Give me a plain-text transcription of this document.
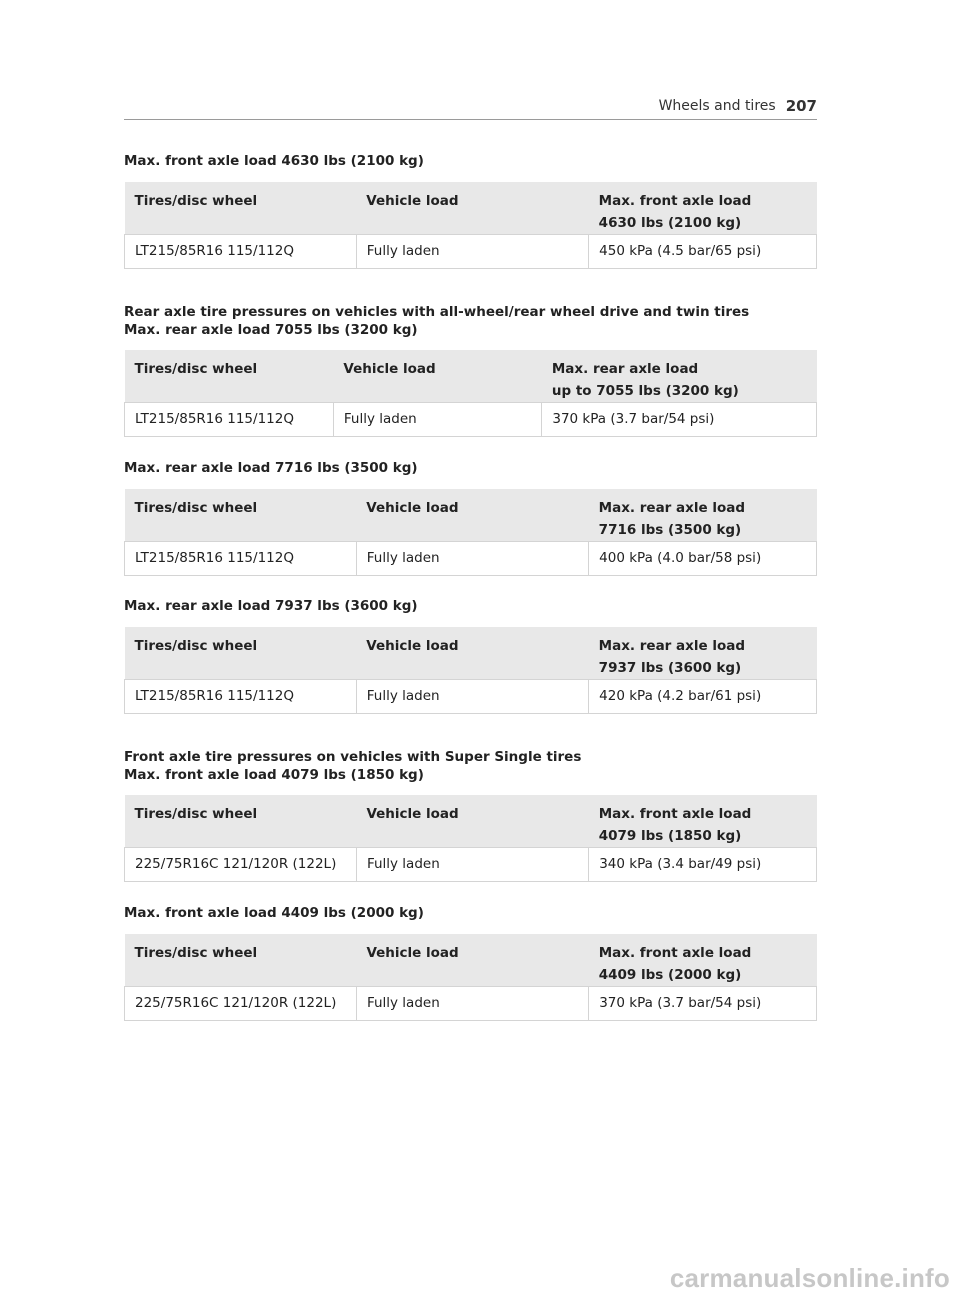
Wheels and tires 207
Max. front axle load 4630 lbs (2100 kg)
Tires/disc wheel	Vehicle load	Max. front axle load
4630 lbs (2100 kg)

LT215/85R16 115/112Q	Fully laden	450 kPa (4.5 bar/65 psi)
Rear axle tire pressures on vehicles with all-wheel/rear wheel drive and twin tires
Max. rear axle load 7055 lbs (3200 kg)
Tires/disc wheel	Vehicle load	Max. rear axle load
up to 7055 lbs (3200 kg)

LT215/85R16 115/112Q	Fully laden	370 kPa (3.7 bar/54 psi)
Max. rear axle load 7716 lbs (3500 kg)
Tires/disc wheel	Vehicle load	Max. rear axle load
7716 lbs (3500 kg)

LT215/85R16 115/112Q	Fully laden	400 kPa (4.0 bar/58 psi)
Max. rear axle load 7937 lbs (3600 kg)
Tires/disc wheel	Vehicle load	Max. rear axle load
7937 lbs (3600 kg)

LT215/85R16 115/112Q	Fully laden	420 kPa (4.2 bar/61 psi)
Front axle tire pressures on vehicles with Super Single tires
Max. front axle load 4079 lbs (1850 kg)
Tires/disc wheel	Vehicle load	Max. front axle load
4079 lbs (1850 kg)

225/75R16C 121/120R (122L)	Fully laden	340 kPa (3.4 bar/49 psi)
Max. front axle load 4409 lbs (2000 kg)
Tires/disc wheel	Vehicle load	Max. front axle load
4409 lbs (2000 kg)

225/75R16C 121/120R (122L)	Fully laden	370 kPa (3.7 bar/54 psi)
carmanualsonline.info
